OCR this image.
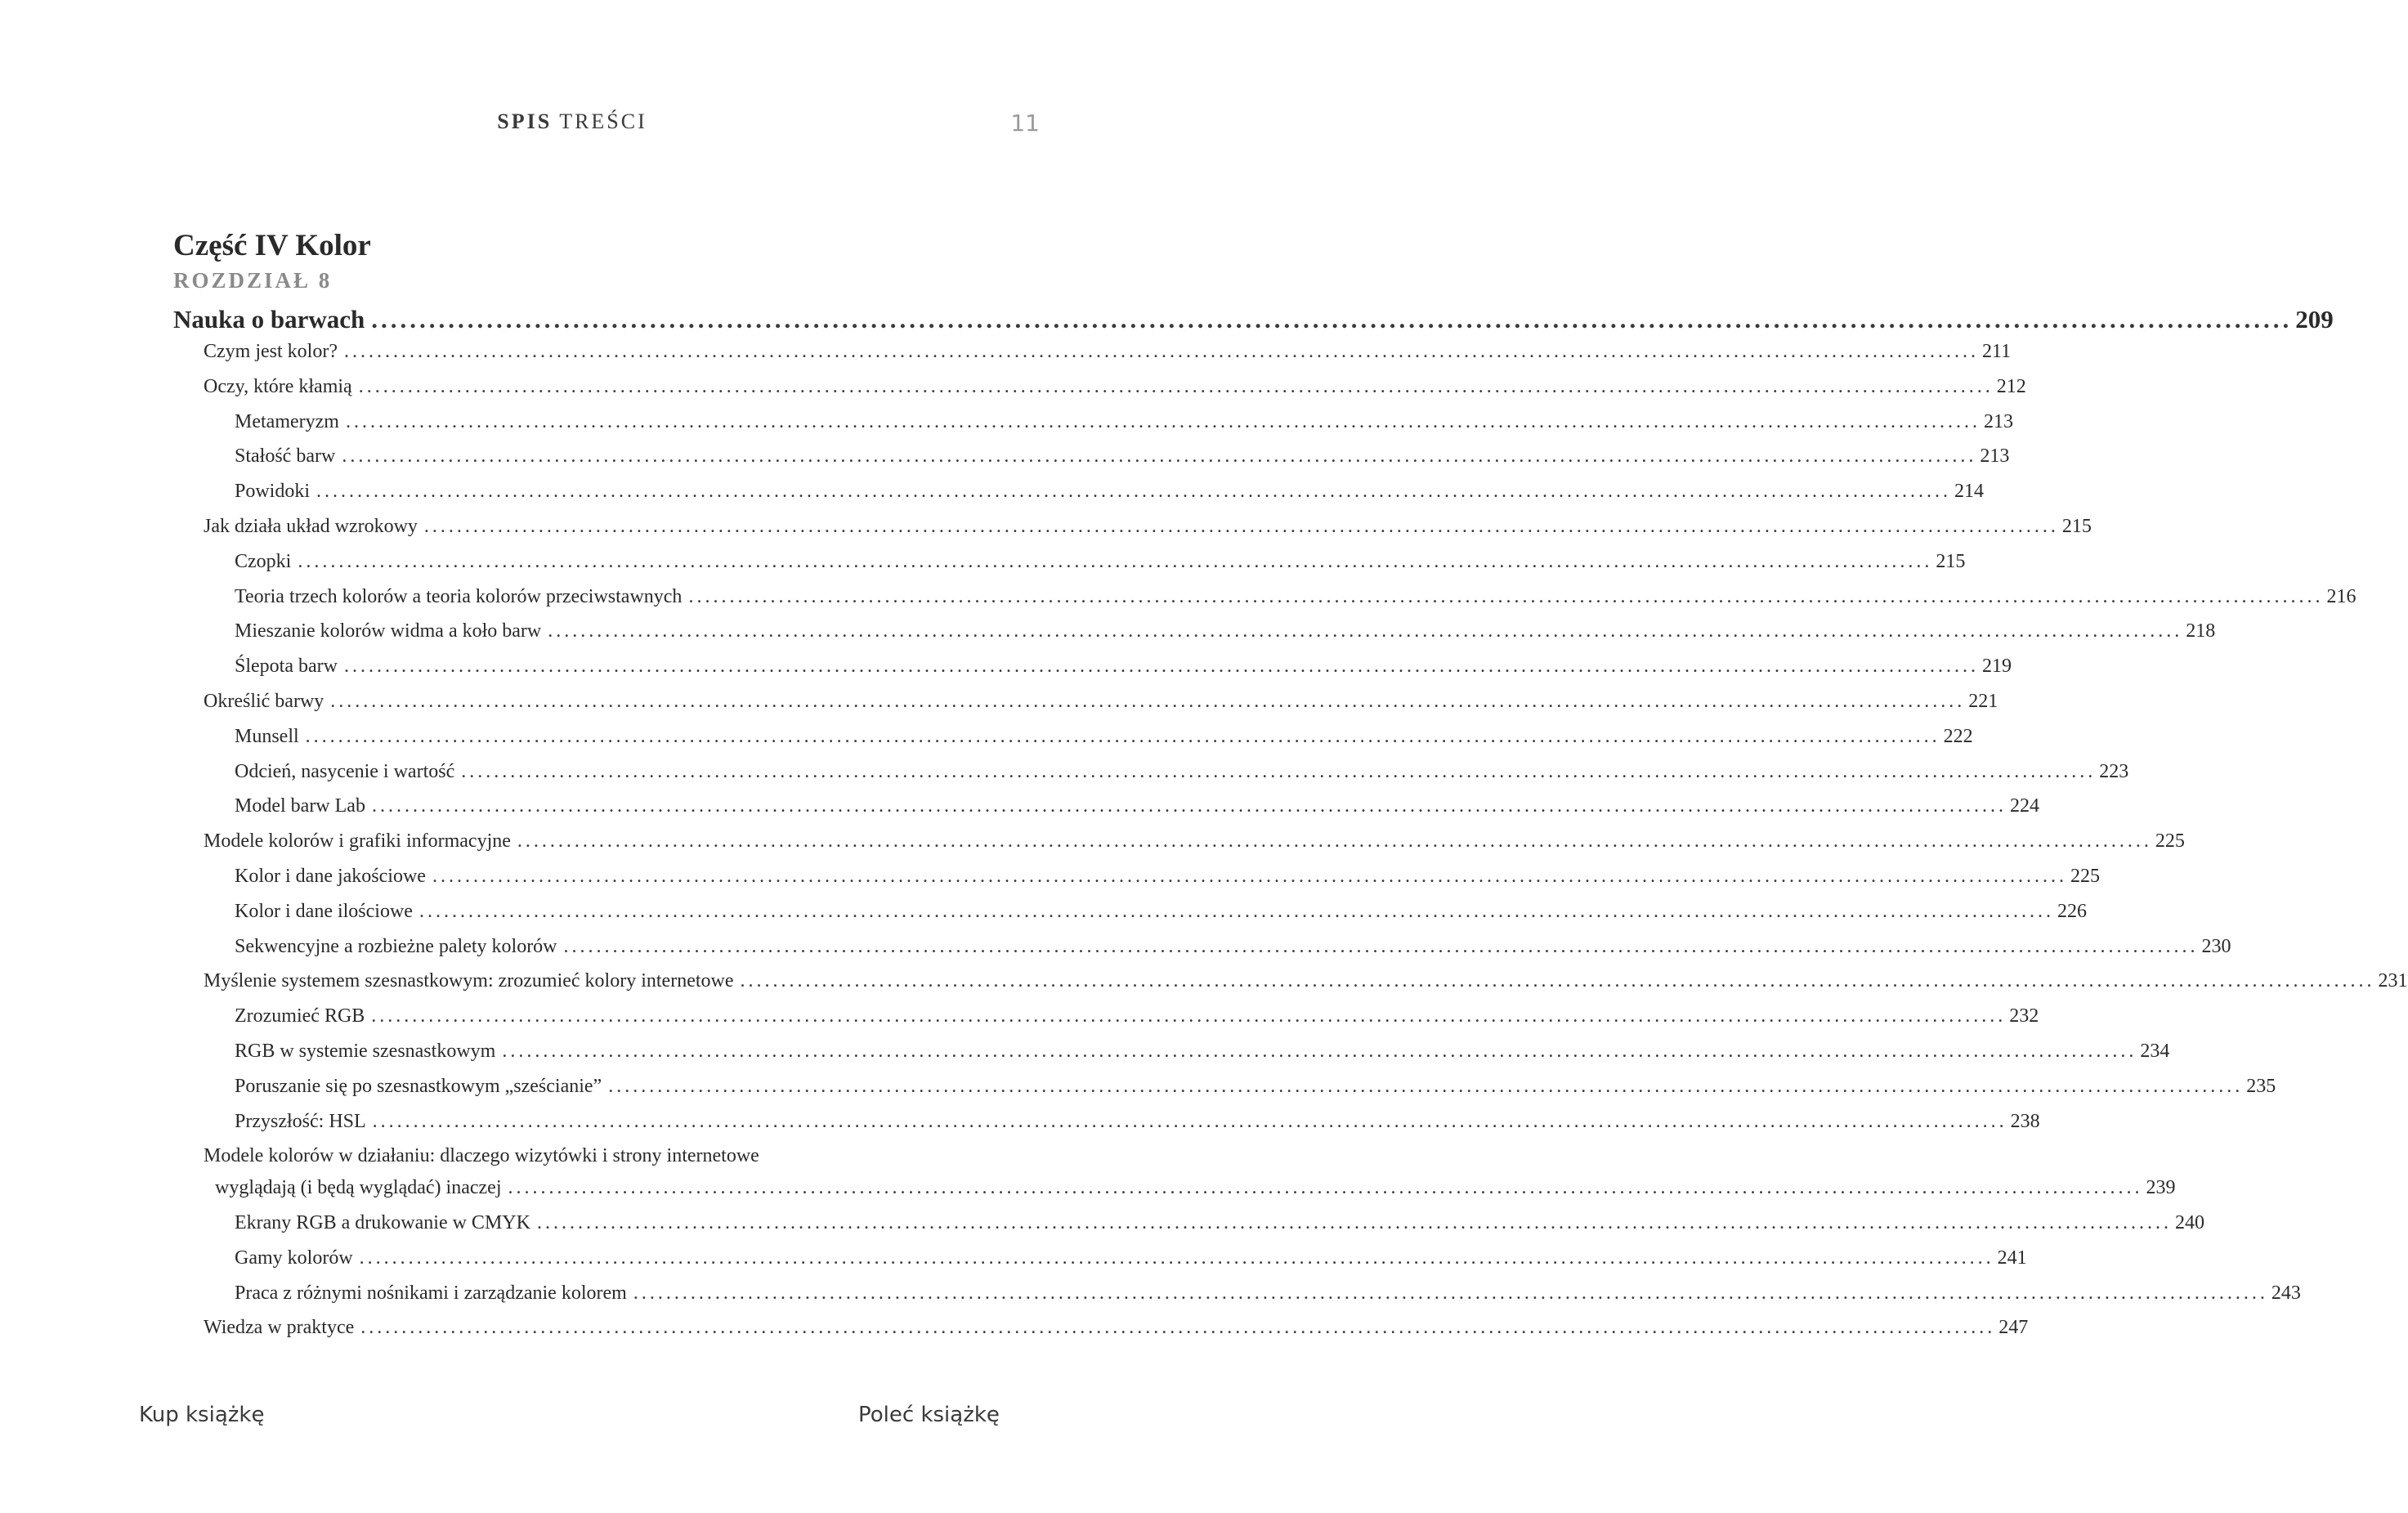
SPIS TREŚCI	11
Część IV Kolor
ROZDZIAŁ 8
Nauka o barwach ........................................................................................................................................................................................................ 209
Czym jest kolor? ........................................................................................................................................................................................................ 211
Oczy, które kłamią ........................................................................................................................................................................................................ 212
Metameryzm ........................................................................................................................................................................................................ 213
Stałość barw ........................................................................................................................................................................................................ 213
Powidoki ........................................................................................................................................................................................................ 214
Jak działa układ wzrokowy ........................................................................................................................................................................................................ 215
Czopki ........................................................................................................................................................................................................ 215
Teoria trzech kolorów a teoria kolorów przeciwstawnych ........................................................................................................................................................................................................ 216
Mieszanie kolorów widma a koło barw ........................................................................................................................................................................................................ 218
Ślepota barw ........................................................................................................................................................................................................ 219
Określić barwy ........................................................................................................................................................................................................ 221
Munsell ........................................................................................................................................................................................................ 222
Odcień, nasycenie i wartość ........................................................................................................................................................................................................ 223
Model barw Lab ........................................................................................................................................................................................................ 224
Modele kolorów i grafiki informacyjne ........................................................................................................................................................................................................ 225
Kolor i dane jakościowe ........................................................................................................................................................................................................ 225
Kolor i dane ilościowe ........................................................................................................................................................................................................ 226
Sekwencyjne a rozbieżne palety kolorów ........................................................................................................................................................................................................ 230
Myślenie systemem szesnastkowym: zrozumieć kolory internetowe ........................................................................................................................................................................................................ 231
Zrozumieć RGB ........................................................................................................................................................................................................ 232
RGB w systemie szesnastkowym ........................................................................................................................................................................................................ 234
Poruszanie się po szesnastkowym „sześcianie” ........................................................................................................................................................................................................ 235
Przyszłość: HSL ........................................................................................................................................................................................................ 238
Modele kolorów w działaniu: dlaczego wizytówki i strony internetowe
wyglądają (i będą wyglądać) inaczej ........................................................................................................................................................................................................ 239
Ekrany RGB a drukowanie w CMYK ........................................................................................................................................................................................................ 240
Gamy kolorów ........................................................................................................................................................................................................ 241
Praca z różnymi nośnikami i zarządzanie kolorem ........................................................................................................................................................................................................ 243
Wiedza w praktyce ........................................................................................................................................................................................................ 247
Kup książkę	Poleć książkę
